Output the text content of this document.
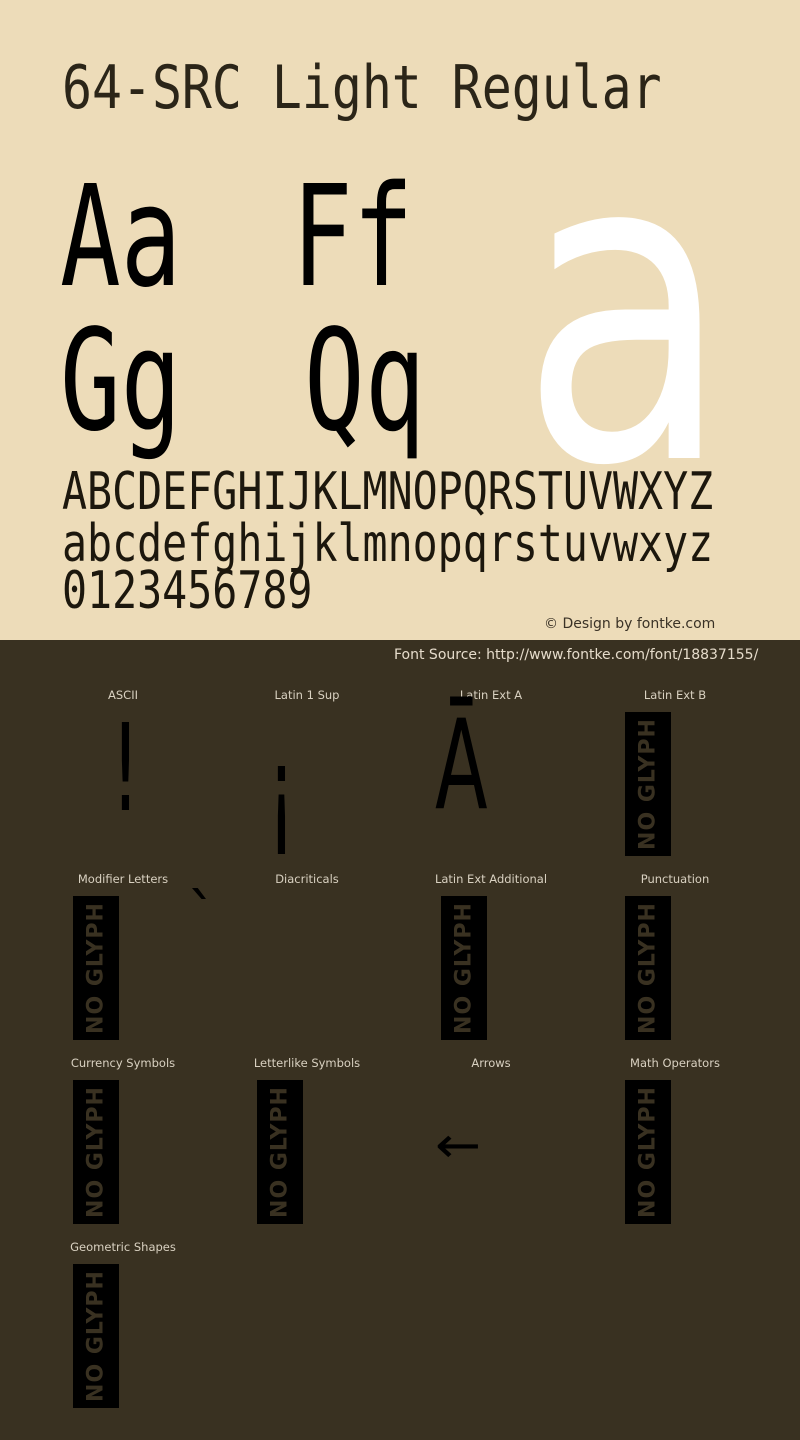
64-SRC Light Regular
Aa Ff
Gg Qq a
ABCDEFGHIJKLMNOPQRSTUVWXYZ
abcdefghijklmnopqrstuvwxyz
0123456789
© Design by fontke.com
Font Source: http://www.fontke.com/font/18837155/
ASCII
!
Latin 1 Sup
¡
Latin Ext A
Ā	Latin Ext B
NO GLYPH
Modifier Letters
NO GLYPH
Diacriticals
`
Latin Ext Additional
NO GLYPH
Punctuation
NO GLYPH
Currency Symbols
NO GLYPH
Letterlike Symbols
NO GLYPH
Arrows
←
Math Operators
NO GLYPH
Geometric Shapes
NO GLYPH
